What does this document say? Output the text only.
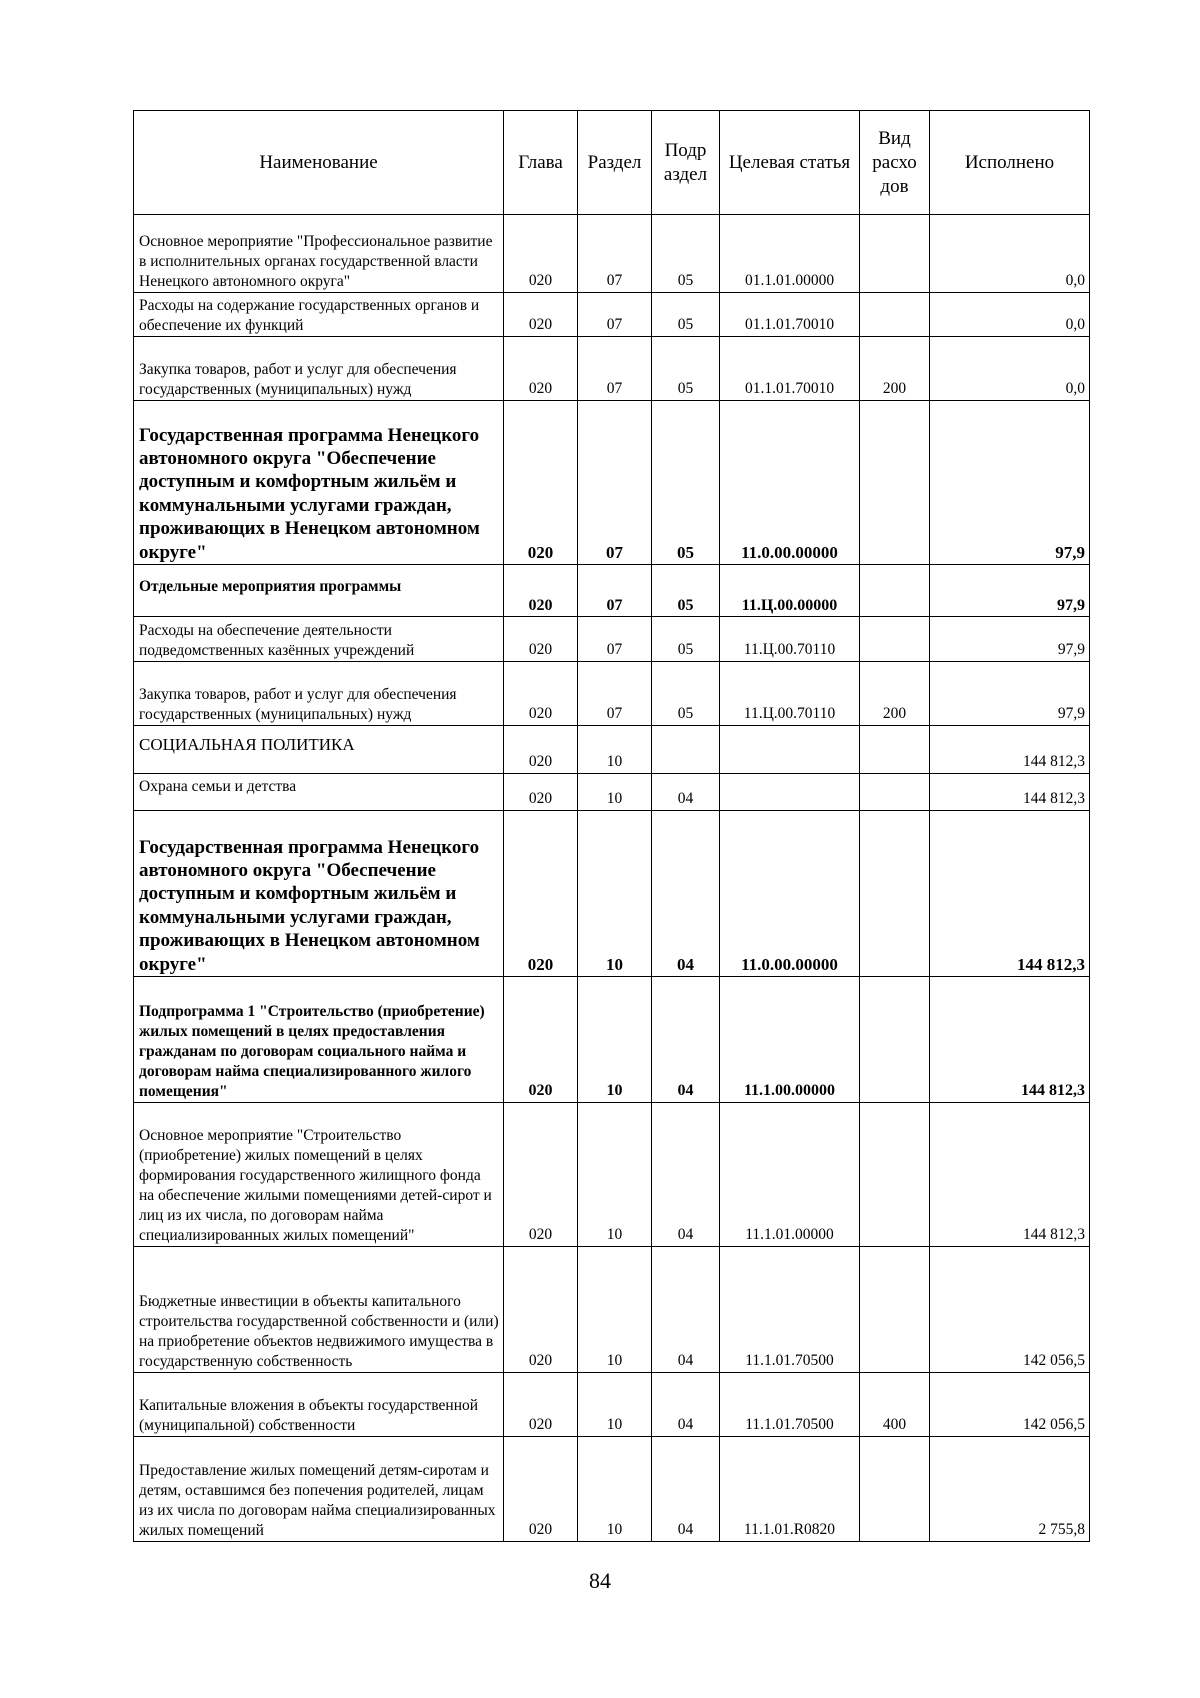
Наименование	Глава	Раздел	Подр аздел	Целевая статья	Вид расхо дов	Исполнено
Основное мероприятие "Профессиональное развитие в исполнительных органах государственной власти Ненецкого автономного округа"	020	07	05	01.1.01.00000		0,0
Расходы на содержание государственных органов и обеспечение их функций	020	07	05	01.1.01.70010		0,0
Закупка товаров, работ и услуг для обеспечения государственных (муниципальных) нужд	020	07	05	01.1.01.70010	200	0,0
Государственная программа Ненецкого автономного округа "Обеспечение доступным и комфортным жильём и коммунальными услугами граждан, проживающих в Ненецком автономном округе"	020	07	05	11.0.00.00000		97,9
Отдельные мероприятия программы	020	07	05	11.Ц.00.00000		97,9
Расходы на обеспечение деятельности подведомственных казённых учреждений	020	07	05	11.Ц.00.70110		97,9
Закупка товаров, работ и услуг для обеспечения государственных (муниципальных) нужд	020	07	05	11.Ц.00.70110	200	97,9
СОЦИАЛЬНАЯ ПОЛИТИКА	020	10				144 812,3
Охрана семьи и детства	020	10	04			144 812,3
Государственная программа Ненецкого автономного округа "Обеспечение доступным и комфортным жильём и коммунальными услугами граждан, проживающих в Ненецком автономном округе"	020	10	04	11.0.00.00000		144 812,3
Подпрограмма 1 "Строительство (приобретение) жилых помещений в целях предоставления гражданам по договорам социального найма и договорам найма специализированного жилого помещения"	020	10	04	11.1.00.00000		144 812,3
Основное мероприятие "Строительство (приобретение) жилых помещений в целях формирования государственного жилищного фонда на обеспечение жилыми помещениями детей-сирот и лиц из их числа, по договорам найма специализированных жилых помещений"	020	10	04	11.1.01.00000		144 812,3
Бюджетные инвестиции в объекты капитального строительства государственной собственности и (или) на приобретение объектов недвижимого имущества в государственную собственность	020	10	04	11.1.01.70500		142 056,5
Капитальные вложения в объекты государственной (муниципальной) собственности	020	10	04	11.1.01.70500	400	142 056,5
Предоставление жилых помещений детям-сиротам и детям, оставшимся без попечения родителей, лицам из их числа по договорам найма специализированных жилых помещений	020	10	04	11.1.01.R0820		2 755,8
84
